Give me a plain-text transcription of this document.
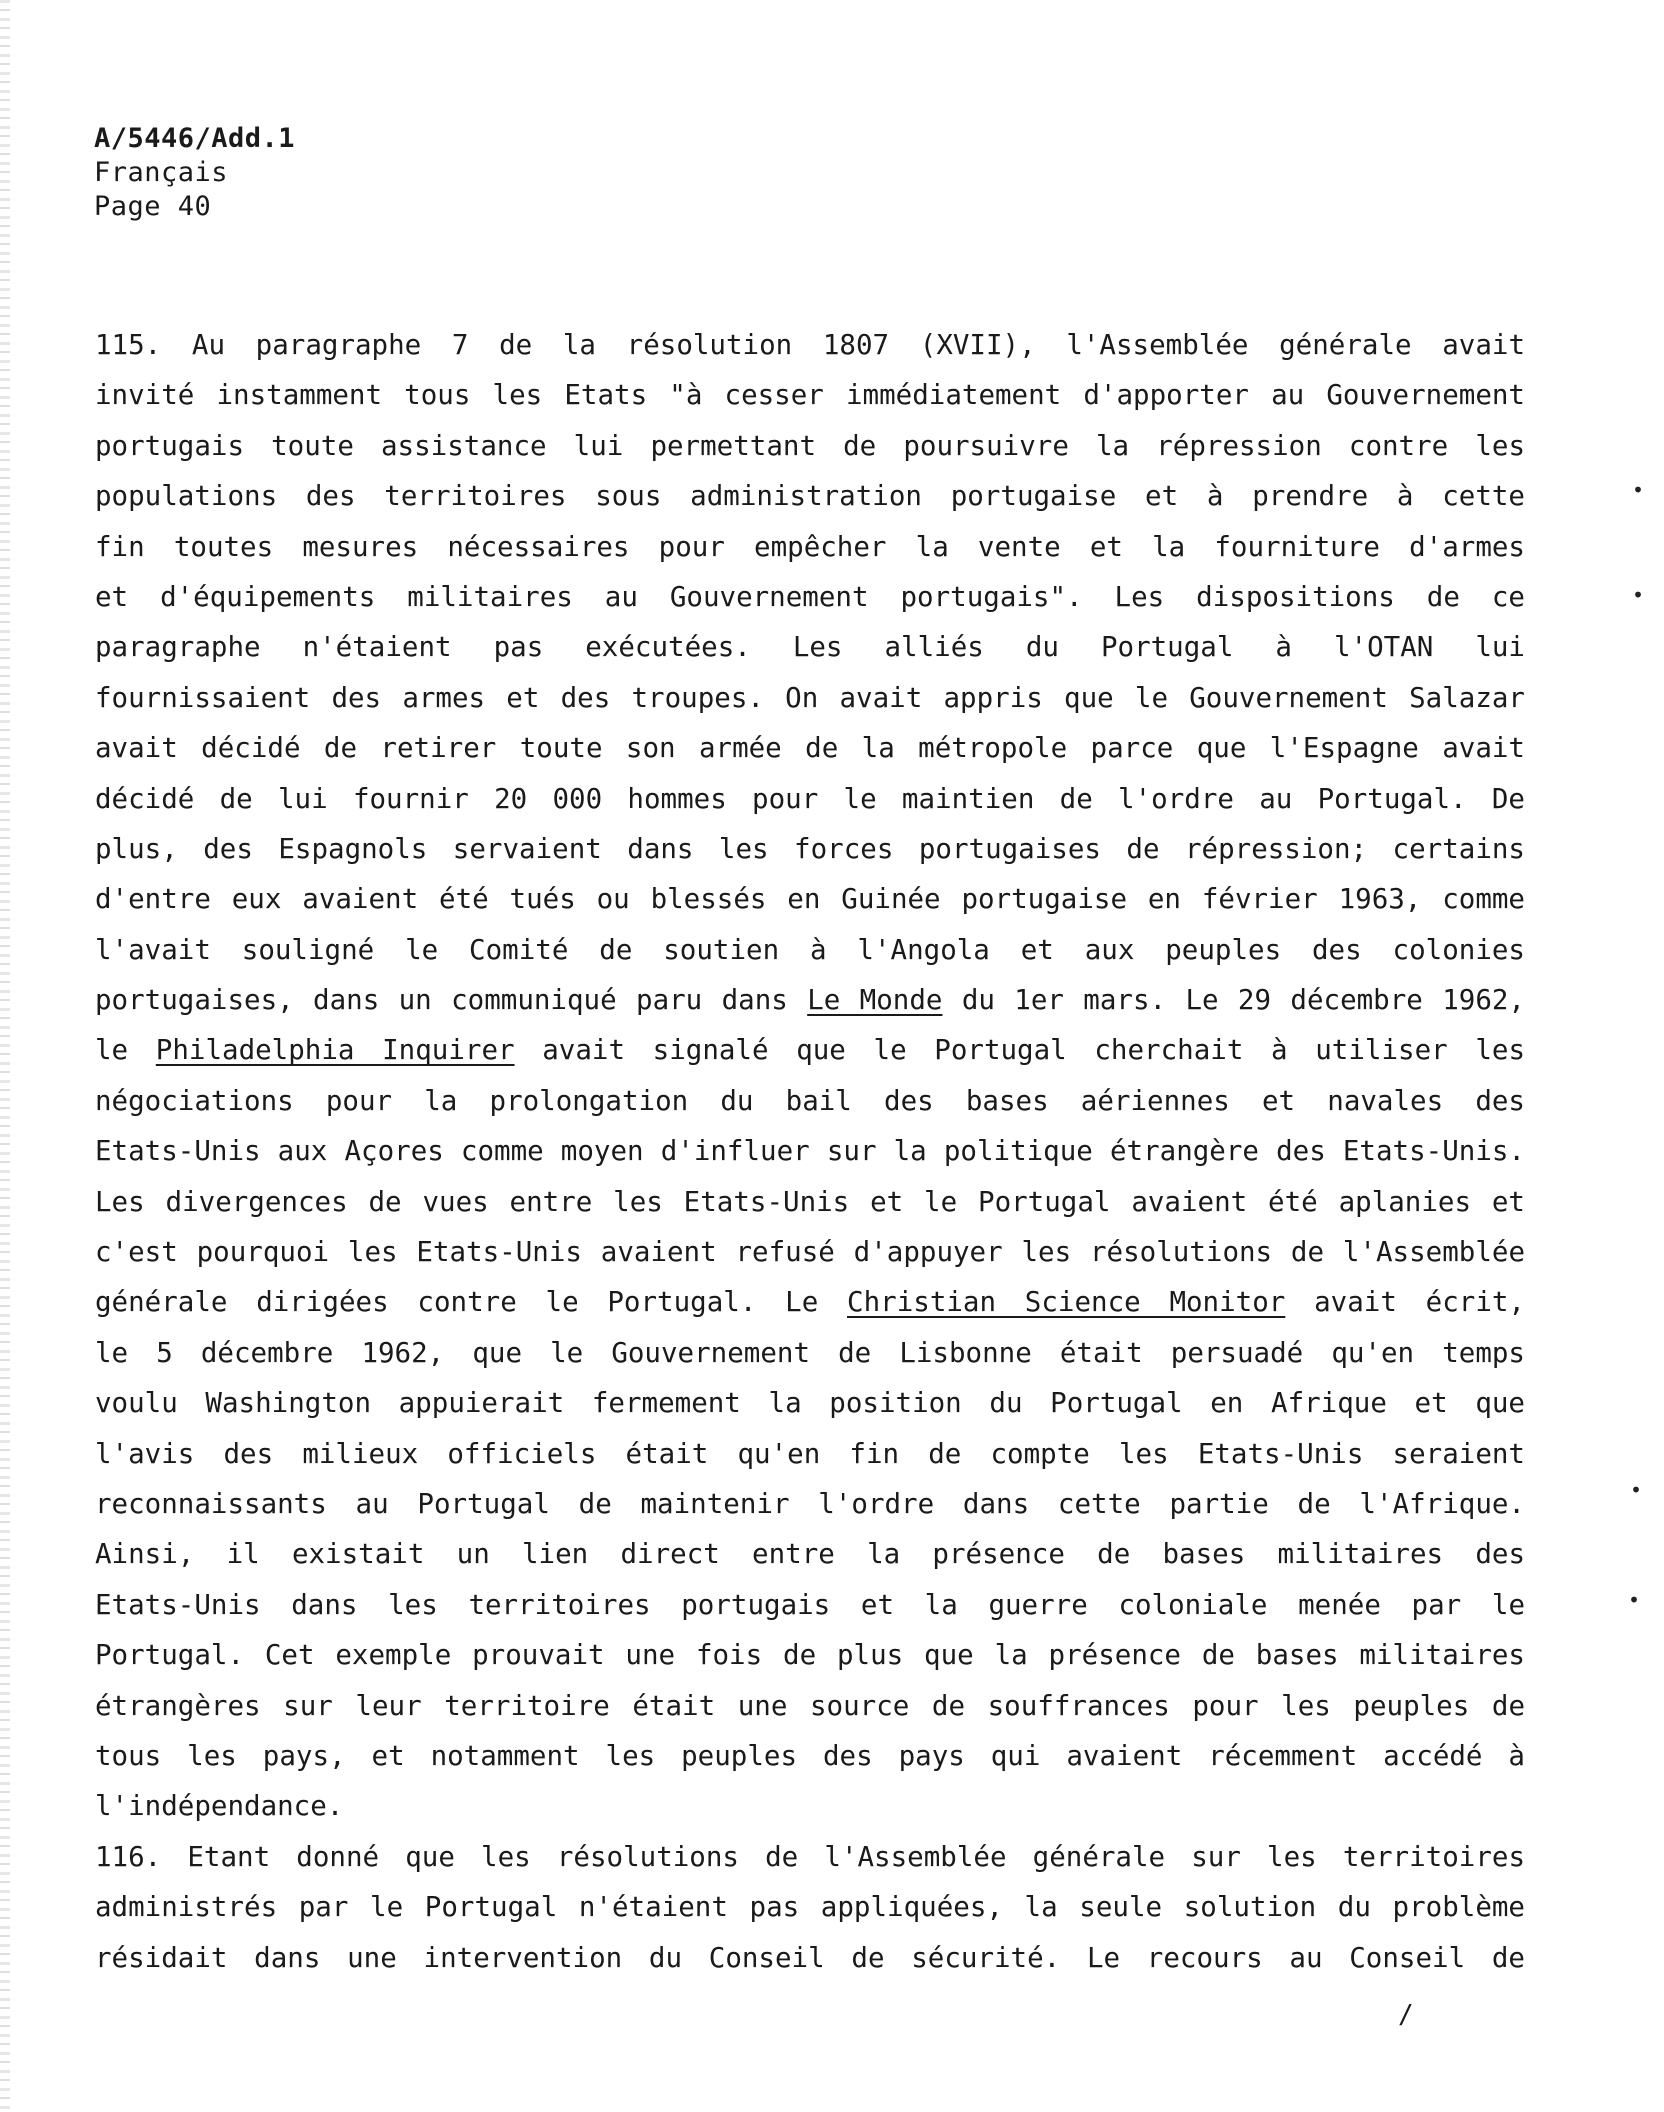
A/5446/Add.1
Français
Page 40
115. Au paragraphe 7 de la résolution 1807 (XVII), l'Assemblée générale avait
invité instamment tous les Etats "à cesser immédiatement d'apporter au Gouvernement
portugais toute assistance lui permettant de poursuivre la répression contre les
populations des territoires sous administration portugaise et à prendre à cette
fin toutes mesures nécessaires pour empêcher la vente et la fourniture d'armes
et d'équipements militaires au Gouvernement portugais". Les dispositions de ce
paragraphe n'étaient pas exécutées. Les alliés du Portugal à l'OTAN lui
fournissaient des armes et des troupes. On avait appris que le Gouvernement Salazar
avait décidé de retirer toute son armée de la métropole parce que l'Espagne avait
décidé de lui fournir 20 000 hommes pour le maintien de l'ordre au Portugal. De
plus, des Espagnols servaient dans les forces portugaises de répression; certains
d'entre eux avaient été tués ou blessés en Guinée portugaise en février 1963, comme
l'avait souligné le Comité de soutien à l'Angola et aux peuples des colonies
portugaises, dans un communiqué paru dans Le Monde du 1er mars. Le 29 décembre 1962,
le Philadelphia Inquirer avait signalé que le Portugal cherchait à utiliser les
négociations pour la prolongation du bail des bases aériennes et navales des
Etats-Unis aux Açores comme moyen d'influer sur la politique étrangère des Etats-Unis.
Les divergences de vues entre les Etats-Unis et le Portugal avaient été aplanies et
c'est pourquoi les Etats-Unis avaient refusé d'appuyer les résolutions de l'Assemblée
générale dirigées contre le Portugal. Le Christian Science Monitor avait écrit,
le 5 décembre 1962, que le Gouvernement de Lisbonne était persuadé qu'en temps
voulu Washington appuierait fermement la position du Portugal en Afrique et que
l'avis des milieux officiels était qu'en fin de compte les Etats-Unis seraient
reconnaissants au Portugal de maintenir l'ordre dans cette partie de l'Afrique.
Ainsi, il existait un lien direct entre la présence de bases militaires des
Etats-Unis dans les territoires portugais et la guerre coloniale menée par le
Portugal. Cet exemple prouvait une fois de plus que la présence de bases militaires
étrangères sur leur territoire était une source de souffrances pour les peuples de
tous les pays, et notamment les peuples des pays qui avaient récemment accédé à
l'indépendance.
116. Etant donné que les résolutions de l'Assemblée générale sur les territoires
administrés par le Portugal n'étaient pas appliquées, la seule solution du problème
résidait dans une intervention du Conseil de sécurité. Le recours au Conseil de
•
•
•
•
/
